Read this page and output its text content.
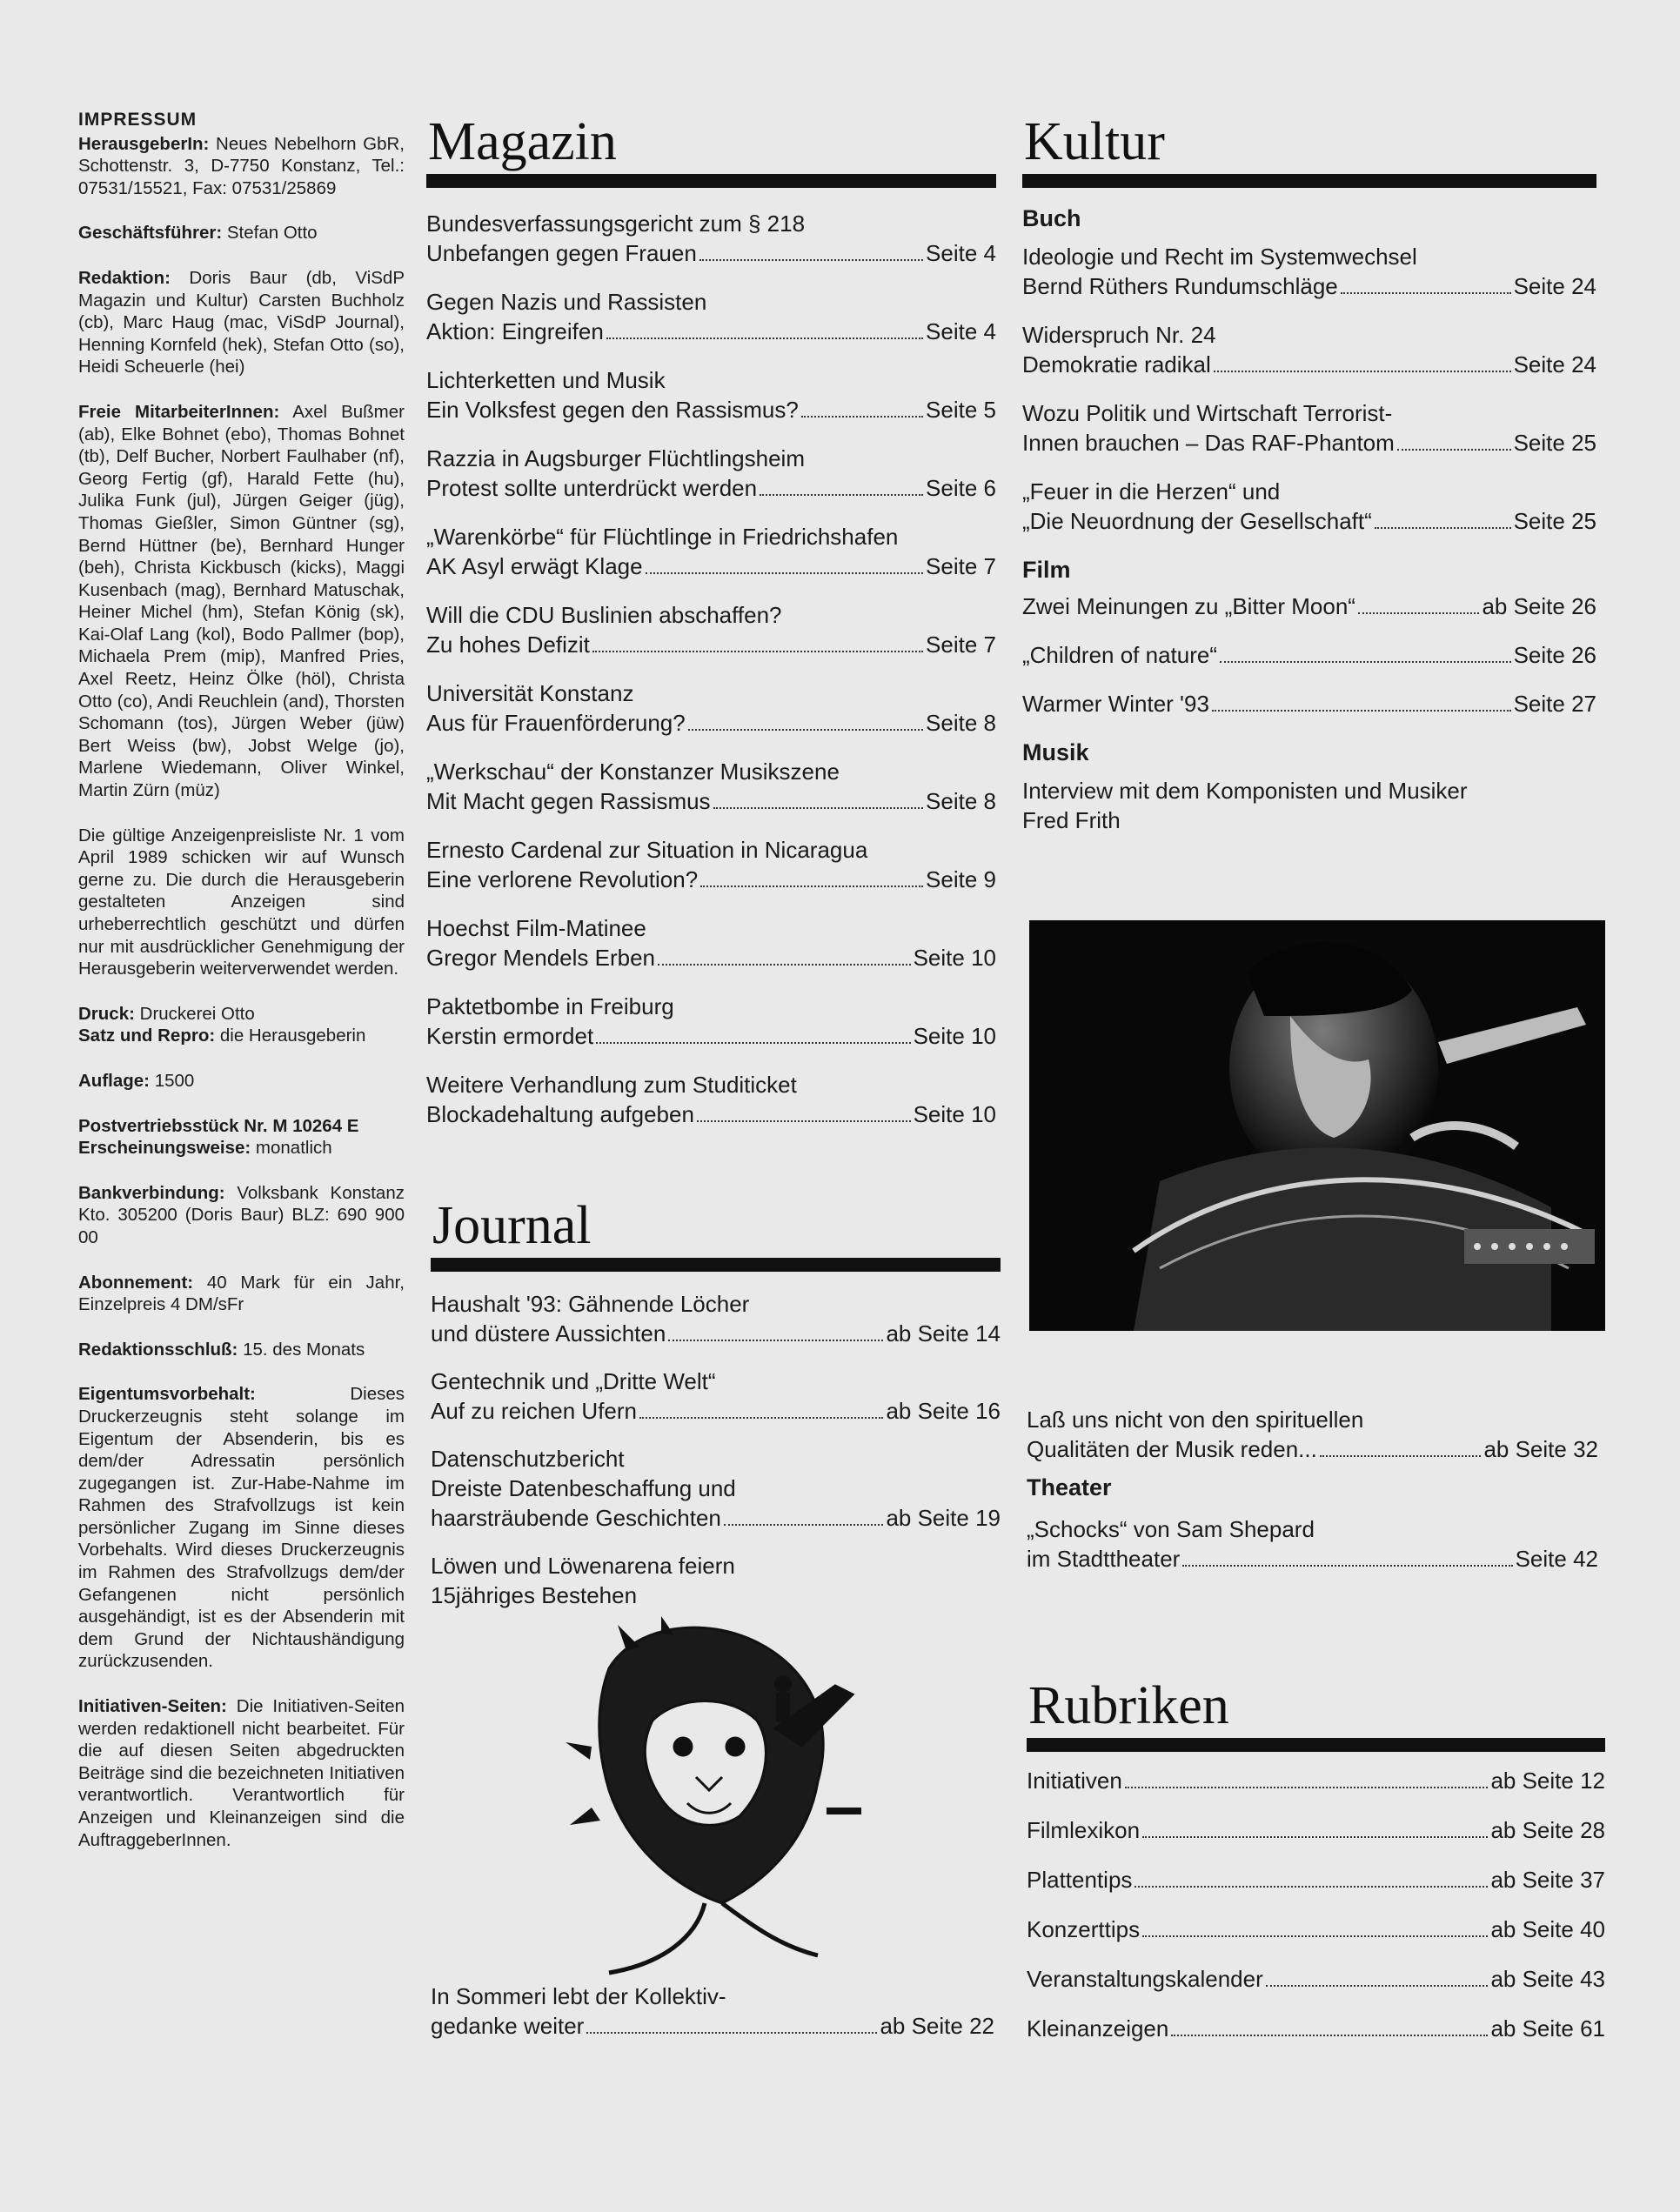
IMPRESSUM
HerausgeberIn: Neues Nebelhorn GbR, Schottenstr. 3, D-7750 Konstanz, Tel.: 07531/15521, Fax: 07531/25869
Geschäftsführer: Stefan Otto
Redaktion: Doris Baur (db, ViSdP Magazin und Kultur) Carsten Buchholz (cb), Marc Haug (mac, ViSdP Journal), Henning Kornfeld (hek), Stefan Otto (so), Heidi Scheuerle (hei)
Freie MitarbeiterInnen: Axel Bußmer (ab), Elke Bohnet (ebo), Thomas Bohnet (tb), Delf Bucher, Norbert Faulhaber (nf), Georg Fertig (gf), Harald Fette (hu), Julika Funk (jul), Jürgen Geiger (jüg), Thomas Gießler, Simon Güntner (sg), Bernd Hüttner (be), Bernhard Hunger (beh), Christa Kickbusch (kicks), Maggi Kusenbach (mag), Bernhard Matuschak, Heiner Michel (hm), Stefan König (sk), Kai-Olaf Lang (kol), Bodo Pallmer (bop), Michaela Prem (mip), Manfred Pries, Axel Reetz, Heinz Ölke (höl), Christa Otto (co), Andi Reuchlein (and), Thorsten Schomann (tos), Jürgen Weber (jüw) Bert Weiss (bw), Jobst Welge (jo), Marlene Wiedemann, Oliver Winkel, Martin Zürn (müz)
Die gültige Anzeigenpreisliste Nr. 1 vom April 1989 schicken wir auf Wunsch gerne zu. Die durch die Herausgeberin gestalteten Anzeigen sind urheberrechtlich geschützt und dürfen nur mit ausdrücklicher Genehmigung der Herausgeberin weiterverwendet werden.
Druck: Druckerei Otto
Satz und Repro: die Herausgeberin
Auflage: 1500
Postvertriebsstück Nr. M 10264 E
Erscheinungsweise: monatlich
Bankverbindung: Volksbank Konstanz Kto. 305200 (Doris Baur) BLZ: 690 900 00
Abonnement: 40 Mark für ein Jahr, Einzelpreis 4 DM/sFr
Redaktionsschluß: 15. des Monats
Eigentumsvorbehalt: Dieses Druckerzeugnis steht solange im Eigentum der Absenderin, bis es dem/der Adressatin persönlich zugegangen ist. Zur-Habe-Nahme im Rahmen des Strafvollzugs ist kein persönlicher Zugang im Sinne dieses Vorbehalts. Wird dieses Druckerzeugnis im Rahmen des Strafvollzugs dem/der Gefangenen nicht persönlich ausgehändigt, ist es der Absenderin mit dem Grund der Nichtaushändigung zurückzusenden.
Initiativen-Seiten: Die Initiativen-Seiten werden redaktionell nicht bearbeitet. Für die auf diesen Seiten abgedruckten Beiträge sind die bezeichneten Initiativen verantwortlich. Verantwortlich für Anzeigen und Kleinanzeigen sind die AuftraggeberInnen.
Magazin
Bundesverfassungsgericht zum § 218
Unbefangen gegen Frauen	Seite 4
Gegen Nazis und Rassisten
Aktion: Eingreifen	Seite 4
Lichterketten und Musik
Ein Volksfest gegen den Rassismus?	Seite 5
Razzia in Augsburger Flüchtlingsheim
Protest sollte unterdrückt werden	Seite 6
„Warenkörbe“ für Flüchtlinge in Friedrichshafen
AK Asyl erwägt Klage	Seite 7
Will die CDU Buslinien abschaffen?
Zu hohes Defizit	Seite 7
Universität Konstanz
Aus für Frauenförderung?	Seite 8
„Werkschau“ der Konstanzer Musikszene
Mit Macht gegen Rassismus	Seite 8
Ernesto Cardenal zur Situation in Nicaragua
Eine verlorene Revolution?	Seite 9
Hoechst Film-Matinee
Gregor Mendels Erben	Seite 10
Paktetbombe in Freiburg
Kerstin ermordet	Seite 10
Weitere Verhandlung zum Studiticket
Blockadehaltung aufgeben	Seite 10
Journal
Haushalt '93: Gähnende Löcher
und düstere Aussichten	ab Seite 14
Gentechnik und „Dritte Welt“
Auf zu reichen Ufern	ab Seite 16
Datenschutzbericht
Dreiste Datenbeschaffung und
haarsträubende Geschichten	ab Seite 19
Löwen und Löwenarena feiern
15jähriges Bestehen
In Sommeri lebt der Kollektiv-
gedanke weiter	ab Seite 22
Kultur
Buch
Ideologie und Recht im Systemwechsel
Bernd Rüthers Rundumschläge	Seite 24
Widerspruch Nr. 24
Demokratie radikal	Seite 24
Wozu Politik und Wirtschaft Terrorist-
Innen brauchen – Das RAF-Phantom	Seite 25
„Feuer in die Herzen“ und
„Die Neuordnung der Gesellschaft“	Seite 25
Film
Zwei Meinungen zu „Bitter Moon“	ab Seite 26
„Children of nature“	Seite 26
Warmer Winter '93	Seite 27
Musik
Interview mit dem Komponisten und Musiker
Fred Frith
Laß uns nicht von den spirituellen
Qualitäten der Musik reden...	ab Seite 32
Theater
„Schocks“ von Sam Shepard
im Stadttheater	Seite 42
Rubriken
Initiativen	ab Seite 12
Filmlexikon	ab Seite 28
Plattentips	ab Seite 37
Konzerttips	ab Seite 40
Veranstaltungskalender	ab Seite 43
Kleinanzeigen	ab Seite 61
